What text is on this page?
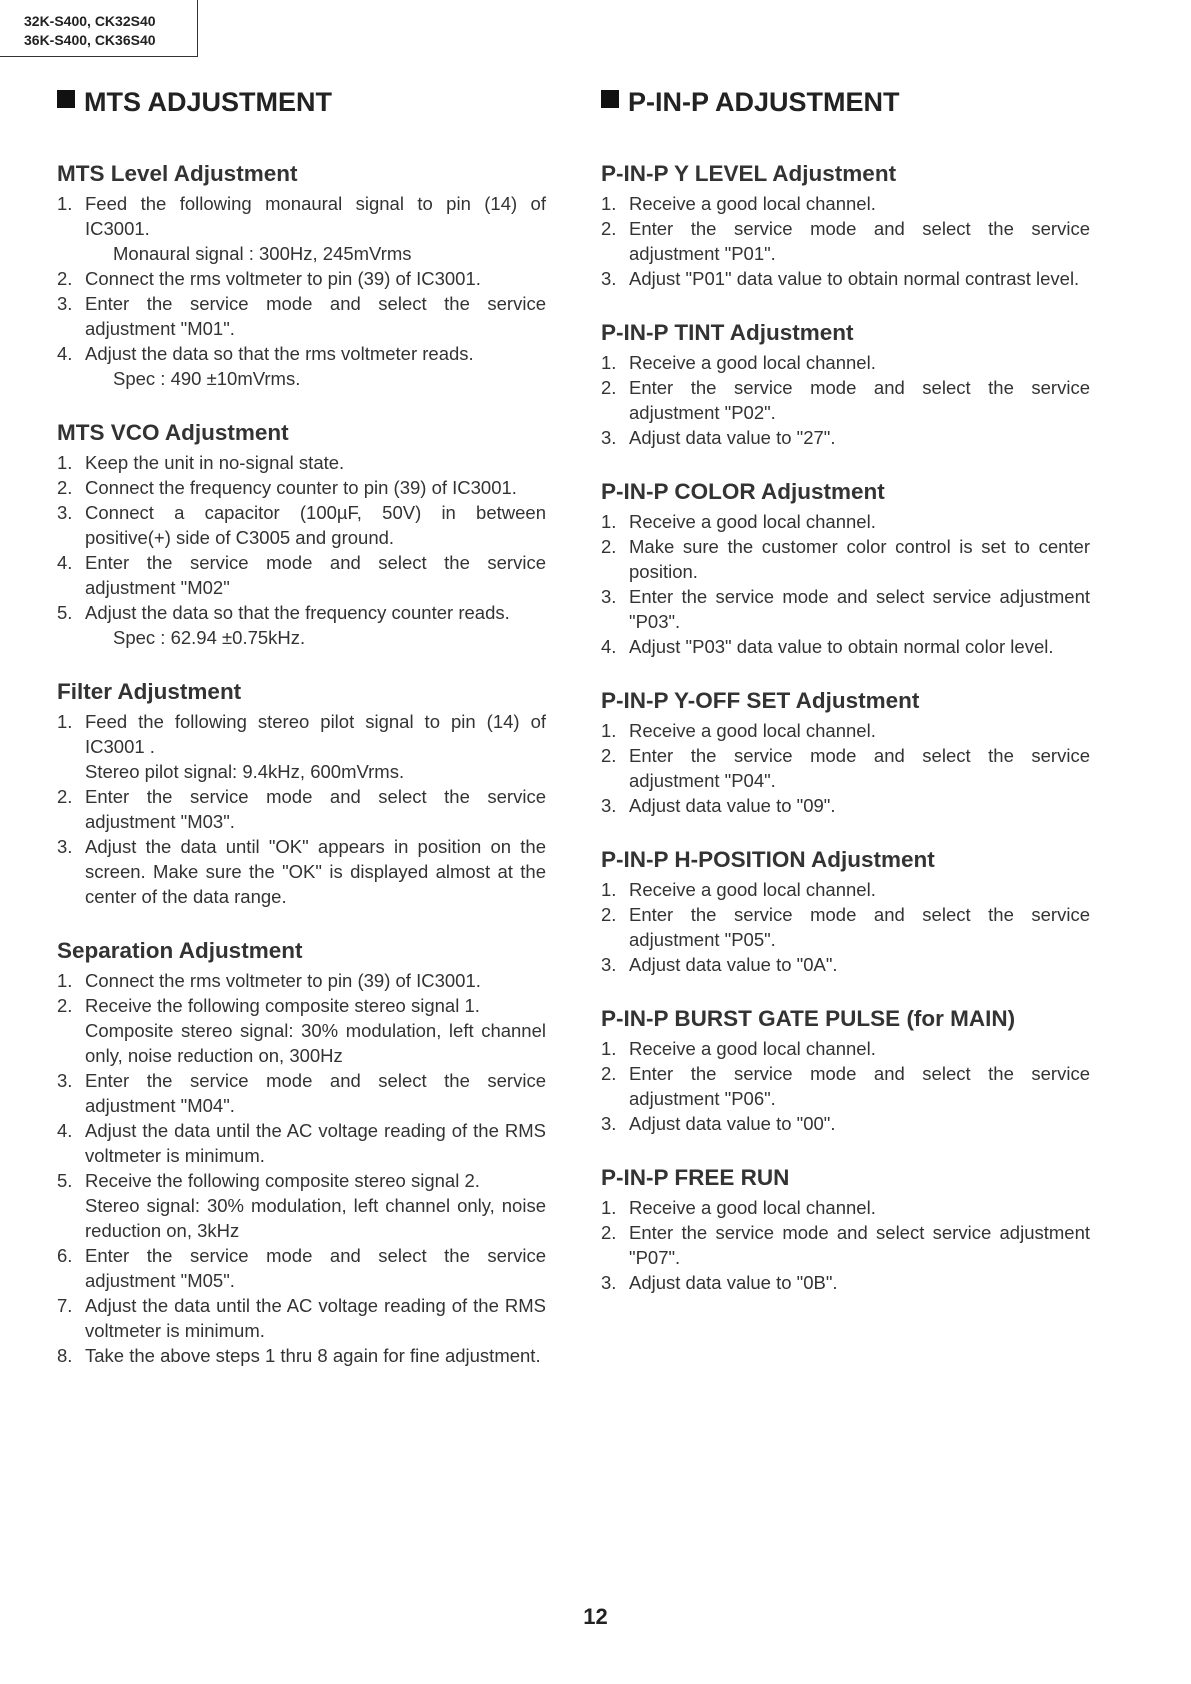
32K-S400, CK32S40
36K-S400, CK36S40
MTS ADJUSTMENT
MTS Level Adjustment
1. Feed the following monaural signal to pin (14) of IC3001.
Monaural signal : 300Hz, 245mVrms
2. Connect the rms voltmeter to pin (39) of IC3001.
3. Enter the service mode and select the service adjustment "M01".
4. Adjust the data so that the rms voltmeter reads.
Spec : 490 ±10mVrms.
MTS VCO Adjustment
1. Keep the unit in no-signal state.
2. Connect the frequency counter to pin (39) of IC3001.
3. Connect a capacitor (100µF, 50V) in between positive(+) side of C3005 and ground.
4. Enter the service mode and select the service adjustment "M02"
5. Adjust the data so that the frequency counter reads.
Spec : 62.94 ±0.75kHz.
Filter Adjustment
1. Feed the following stereo pilot signal to pin (14) of IC3001 .
Stereo pilot signal: 9.4kHz, 600mVrms.
2. Enter the service mode and select the service adjustment "M03".
3. Adjust the data until "OK" appears in position on the screen. Make sure the "OK" is displayed almost at the center of the data range.
Separation Adjustment
1. Connect the rms voltmeter to pin (39) of IC3001.
2. Receive the following composite stereo signal 1.
Composite stereo signal: 30% modulation, left channel only, noise reduction on, 300Hz
3. Enter the service mode and select the service adjustment "M04".
4. Adjust the data until the AC voltage reading of the RMS voltmeter is minimum.
5. Receive the following composite stereo signal 2.
Stereo signal: 30% modulation, left channel only, noise reduction on, 3kHz
6. Enter the service mode and select the service adjustment "M05".
7. Adjust the data until the AC voltage reading of the RMS voltmeter is minimum.
8. Take the above steps 1 thru 8 again for fine adjustment.
P-IN-P ADJUSTMENT
P-IN-P Y LEVEL Adjustment
1. Receive a good local channel.
2. Enter the service mode and select the service adjustment "P01".
3. Adjust "P01" data value to obtain normal contrast level.
P-IN-P TINT Adjustment
1. Receive a good local channel.
2. Enter the service mode and select the service adjustment "P02".
3. Adjust data value to "27".
P-IN-P COLOR Adjustment
1. Receive a good local channel.
2. Make sure the customer color control is set to center position.
3. Enter the service mode and select service adjustment "P03".
4. Adjust "P03" data value to obtain normal color level.
P-IN-P Y-OFF SET Adjustment
1. Receive a good local channel.
2. Enter the service mode and select the service adjustment "P04".
3. Adjust data value to "09".
P-IN-P H-POSITION Adjustment
1. Receive a good local channel.
2. Enter the service mode and select the service adjustment "P05".
3. Adjust data value to "0A".
P-IN-P BURST GATE PULSE (for MAIN)
1. Receive a good local channel.
2. Enter the service mode and select the service adjustment "P06".
3. Adjust data value to "00".
P-IN-P FREE RUN
1. Receive a good local channel.
2. Enter the service mode and select service adjustment "P07".
3. Adjust data value to "0B".
12
